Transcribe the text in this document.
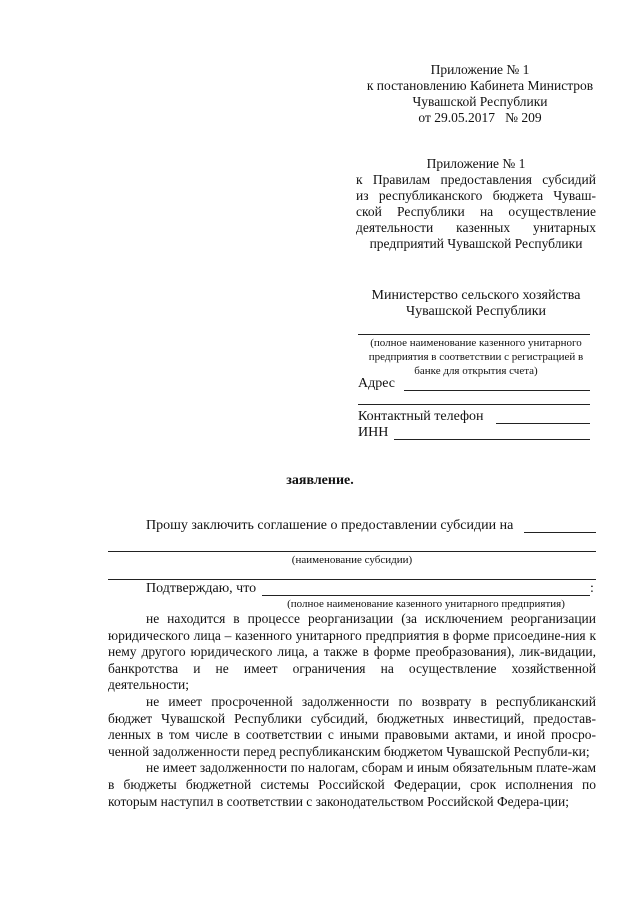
Приложение № 1
к постановлению Кабинета Министров
Чувашской Республики
от 29.05.2017   № 209
Приложение № 1
к Правилам предоставления субсидий
из республиканского бюджета Чуваш-
ской Республики на осуществление
деятельности казенных унитарных
предприятий Чувашской Республики
Министерство сельского хозяйства
Чувашской Республики
(полное наименование казенного унитарного
предприятия в соответствии с регистрацией в
банке для открытия счета)
Адрес
Контактный телефон
ИНН
заявление.
Прошу заключить соглашение о предоставлении субсидии на
(наименование субсидии)
Подтверждаю, что	:
(полное наименование казенного унитарного предприятия)
не находится в процессе реорганизации (за исключением реорганизации юридического лица – казенного унитарного предприятия в форме присоедине-ния к нему другого юридического лица, а также в форме преобразования), лик-видации, банкротства и не имеет ограничения на осуществление хозяйственной деятельности;
не имеет просроченной задолженности по возврату в республиканский бюджет Чувашской Республики субсидий, бюджетных инвестиций, предостав-ленных в том числе в соответствии с иными правовыми актами, и иной просро-ченной задолженности перед республиканским бюджетом Чувашской Республи-ки;
не имеет задолженности по налогам, сборам и иным обязательным плате-жам в бюджеты бюджетной системы Российской Федерации, срок исполнения по которым наступил в соответствии с законодательством Российской Федера-ции;
